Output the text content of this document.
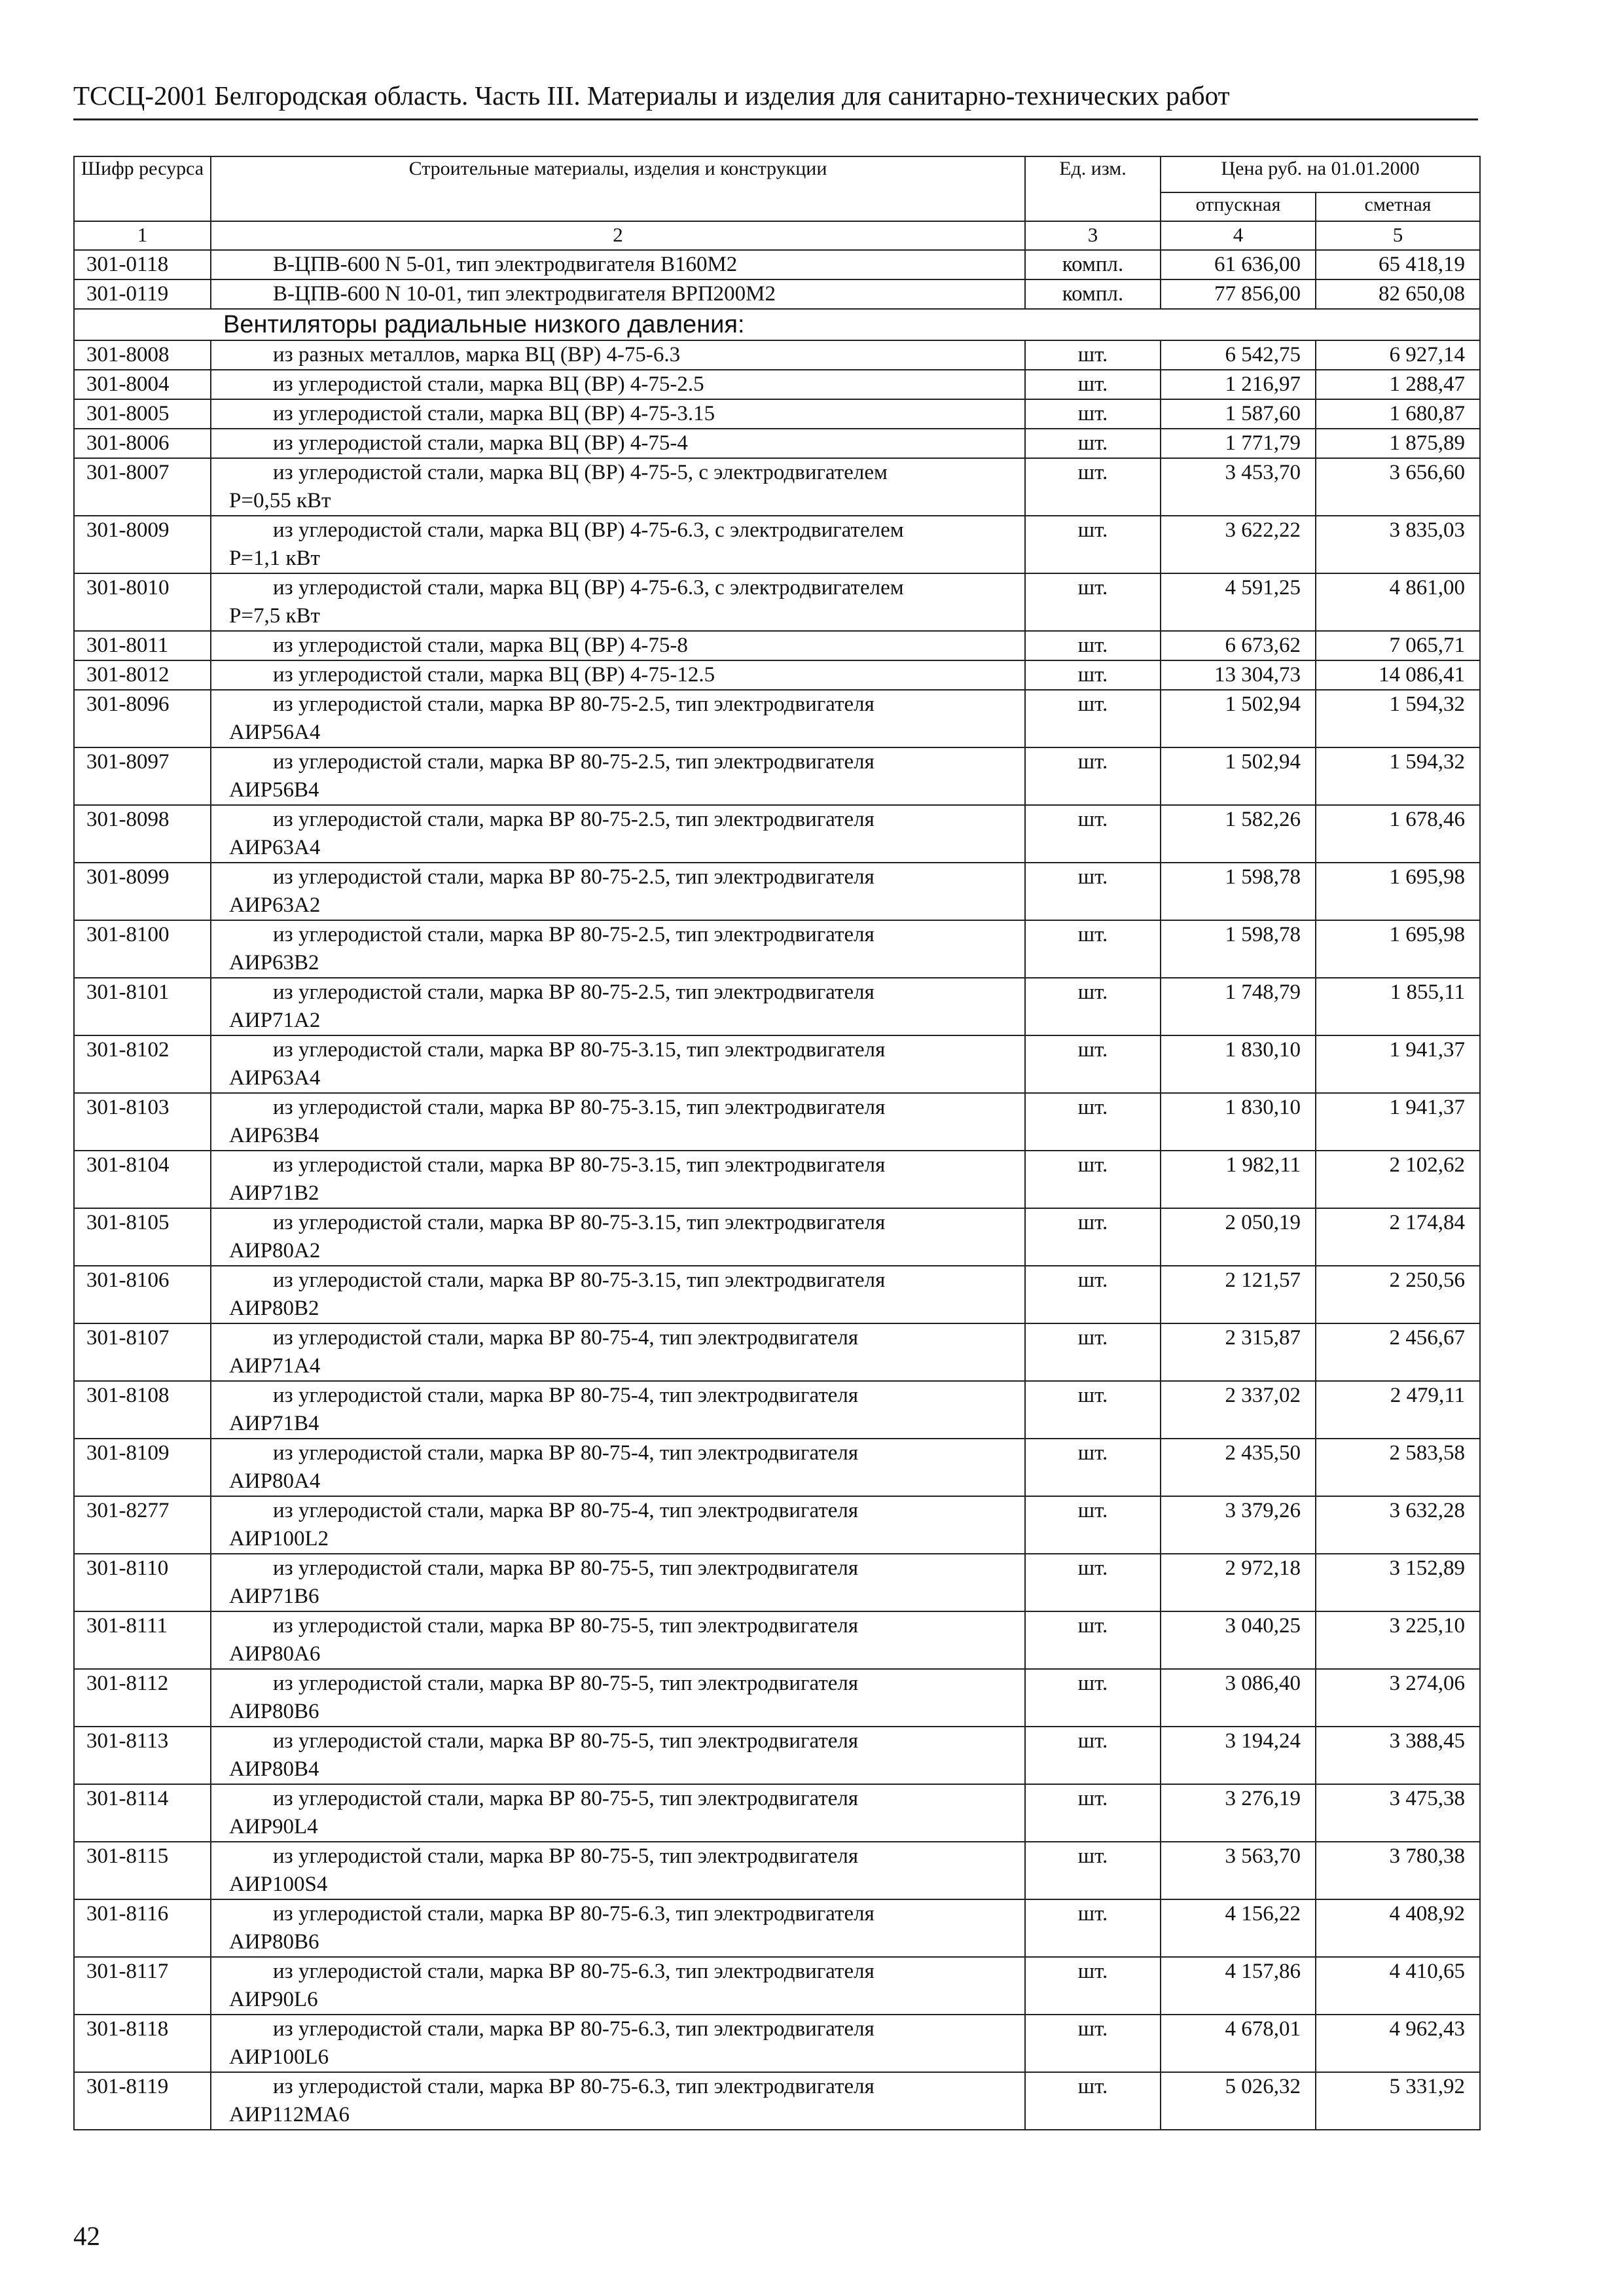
ТССЦ-2001 Белгородская область. Часть III. Материалы и изделия для санитарно-технических работ
Шифр ресурса	Строительные материалы, изделия и конструкции	Ед. изм.	Цена руб. на 01.01.2000	
			отпускная	сметная
1	2	3	4	5
301-0118	В-ЦПВ-600 N 5-01, тип электродвигателя В160М2	компл.	61 636,00	65 418,19
301-0119	В-ЦПВ-600 N 10-01, тип электродвигателя ВРП200М2	компл.	77 856,00	82 650,08
Вентиляторы радиальные низкого давления:				
301-8008	из разных металлов, марка ВЦ (ВР) 4-75-6.3	шт.	6 542,75	6 927,14
301-8004	из углеродистой стали, марка ВЦ (ВР) 4-75-2.5	шт.	1 216,97	1 288,47
301-8005	из углеродистой стали, марка ВЦ (ВР) 4-75-3.15	шт.	1 587,60	1 680,87
301-8006	из углеродистой стали, марка ВЦ (ВР) 4-75-4	шт.	1 771,79	1 875,89
301-8007	из углеродистой стали, марка ВЦ (ВР) 4-75-5, с электродвигателем
Р=0,55 кВт	шт.	3 453,70	3 656,60
301-8009	из углеродистой стали, марка ВЦ (ВР) 4-75-6.3, с электродвигателем
Р=1,1 кВт	шт.	3 622,22	3 835,03
301-8010	из углеродистой стали, марка ВЦ (ВР) 4-75-6.3, с электродвигателем
Р=7,5 кВт	шт.	4 591,25	4 861,00
301-8011	из углеродистой стали, марка ВЦ (ВР) 4-75-8	шт.	6 673,62	7 065,71
301-8012	из углеродистой стали, марка ВЦ (ВР) 4-75-12.5	шт.	13 304,73	14 086,41
301-8096	из углеродистой стали, марка ВР 80-75-2.5, тип электродвигателя
АИР56А4	шт.	1 502,94	1 594,32
301-8097	из углеродистой стали, марка ВР 80-75-2.5, тип электродвигателя
АИР56В4	шт.	1 502,94	1 594,32
301-8098	из углеродистой стали, марка ВР 80-75-2.5, тип электродвигателя
АИР63А4	шт.	1 582,26	1 678,46
301-8099	из углеродистой стали, марка ВР 80-75-2.5, тип электродвигателя
АИР63А2	шт.	1 598,78	1 695,98
301-8100	из углеродистой стали, марка ВР 80-75-2.5, тип электродвигателя
АИР63В2	шт.	1 598,78	1 695,98
301-8101	из углеродистой стали, марка ВР 80-75-2.5, тип электродвигателя
АИР71А2	шт.	1 748,79	1 855,11
301-8102	из углеродистой стали, марка ВР 80-75-3.15, тип электродвигателя
АИР63А4	шт.	1 830,10	1 941,37
301-8103	из углеродистой стали, марка ВР 80-75-3.15, тип электродвигателя
АИР63В4	шт.	1 830,10	1 941,37
301-8104	из углеродистой стали, марка ВР 80-75-3.15, тип электродвигателя
АИР71В2	шт.	1 982,11	2 102,62
301-8105	из углеродистой стали, марка ВР 80-75-3.15, тип электродвигателя
АИР80А2	шт.	2 050,19	2 174,84
301-8106	из углеродистой стали, марка ВР 80-75-3.15, тип электродвигателя
АИР80В2	шт.	2 121,57	2 250,56
301-8107	из углеродистой стали, марка ВР 80-75-4, тип электродвигателя
АИР71А4	шт.	2 315,87	2 456,67
301-8108	из углеродистой стали, марка ВР 80-75-4, тип электродвигателя
АИР71В4	шт.	2 337,02	2 479,11
301-8109	из углеродистой стали, марка ВР 80-75-4, тип электродвигателя
АИР80А4	шт.	2 435,50	2 583,58
301-8277	из углеродистой стали, марка ВР 80-75-4, тип электродвигателя
АИР100L2	шт.	3 379,26	3 632,28
301-8110	из углеродистой стали, марка ВР 80-75-5, тип электродвигателя
АИР71В6	шт.	2 972,18	3 152,89
301-8111	из углеродистой стали, марка ВР 80-75-5, тип электродвигателя
АИР80А6	шт.	3 040,25	3 225,10
301-8112	из углеродистой стали, марка ВР 80-75-5, тип электродвигателя
АИР80В6	шт.	3 086,40	3 274,06
301-8113	из углеродистой стали, марка ВР 80-75-5, тип электродвигателя
АИР80В4	шт.	3 194,24	3 388,45
301-8114	из углеродистой стали, марка ВР 80-75-5, тип электродвигателя
АИР90L4	шт.	3 276,19	3 475,38
301-8115	из углеродистой стали, марка ВР 80-75-5, тип электродвигателя
АИР100S4	шт.	3 563,70	3 780,38
301-8116	из углеродистой стали, марка ВР 80-75-6.3, тип электродвигателя
АИР80В6	шт.	4 156,22	4 408,92
301-8117	из углеродистой стали, марка ВР 80-75-6.3, тип электродвигателя
АИР90L6	шт.	4 157,86	4 410,65
301-8118	из углеродистой стали, марка ВР 80-75-6.3, тип электродвигателя
АИР100L6	шт.	4 678,01	4 962,43
301-8119	из углеродистой стали, марка ВР 80-75-6.3, тип электродвигателя
АИР112МА6	шт.	5 026,32	5 331,92
42
